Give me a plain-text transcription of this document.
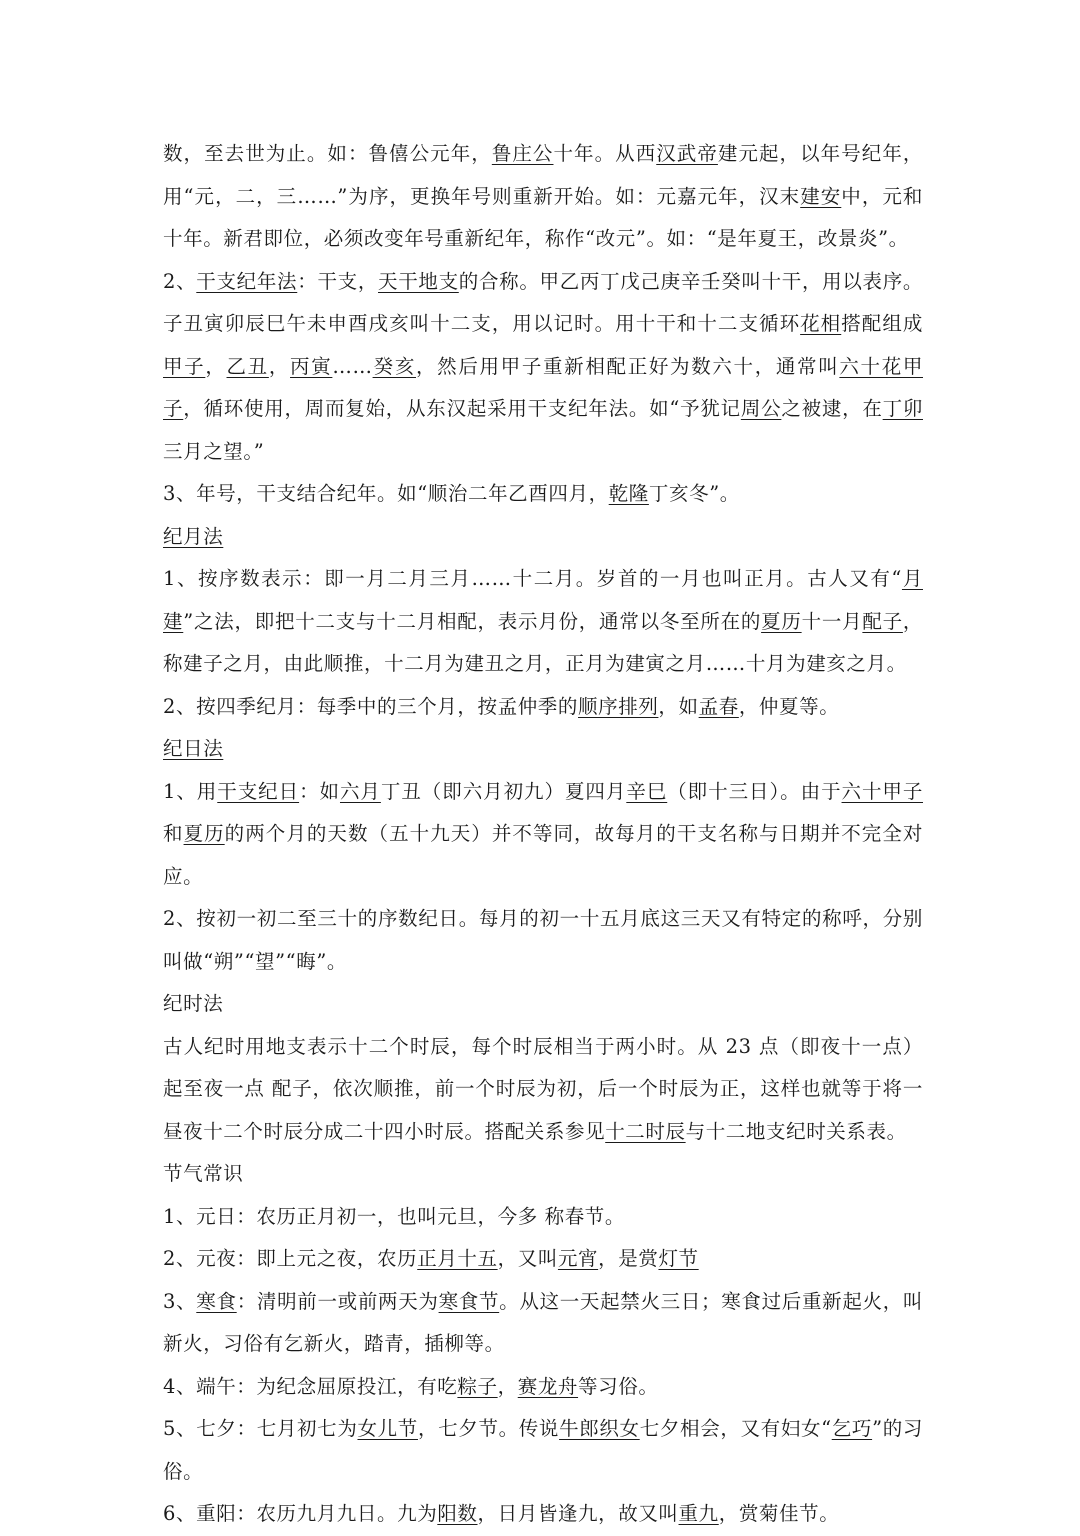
数，至去世为止。如：鲁僖公元年，鲁庄公十年。从西汉武帝建元起，以年号纪年，用“元，二，三……”为序，更换年号则重新开始。如：元嘉元年，汉末建安中，元和十年。新君即位，必须改变年号重新纪年，称作“改元”。如：“是年夏王，改景炎”。

2、干支纪年法：干支，天干地支的合称。甲乙丙丁戊己庚辛壬癸叫十干，用以表序。子丑寅卯辰巳午未申酉戌亥叫十二支，用以记时。用十干和十二支循环花相搭配组成甲子，乙丑，丙寅……癸亥，然后用甲子重新相配正好为数六十，通常叫六十花甲子，循环使用，周而复始，从东汉起采用干支纪年法。如“予犹记周公之被逮，在丁卯三月之望。”

3、年号，干支结合纪年。如“顺治二年乙酉四月，乾隆丁亥冬”。

纪月法

1、按序数表示：即一月二月三月……十二月。岁首的一月也叫正月。古人又有“月建”之法，即把十二支与十二月相配，表示月份，通常以冬至所在的夏历十一月配子，称建子之月，由此顺推，十二月为建丑之月，正月为建寅之月……十月为建亥之月。

2、按四季纪月：每季中的三个月，按孟仲季的顺序排列，如孟春，仲夏等。

纪日法

1、用干支纪日：如六月丁丑（即六月初九）夏四月辛巳（即十三日）。由于六十甲子和夏历的两个月的天数（五十九天）并不等同，故每月的干支名称与日期并不完全对应。

2、按初一初二至三十的序数纪日。每月的初一十五月底这三天又有特定的称呼，分别叫做“朔”“望”“晦”。

纪时法

古人纪时用地支表示十二个时辰，每个时辰相当于两小时。从 23 点（即夜十一点）起至夜一点 配子，依次顺推，前一个时辰为初，后一个时辰为正，这样也就等于将一昼夜十二个时辰分成二十四小时辰。搭配关系参见十二时辰与十二地支纪时关系表。

节气常识

1、元日：农历正月初一，也叫元旦，今多 称春节。

2、元夜：即上元之夜，农历正月十五，又叫元宵，是赏灯节

3、寒食：清明前一或前两天为寒食节。从这一天起禁火三日；寒食过后重新起火，叫新火，习俗有乞新火，踏青，插柳等。

4、端午：为纪念屈原投江，有吃粽子，赛龙舟等习俗。

5、七夕：七月初七为女儿节，七夕节。传说牛郎织女七夕相会，又有妇女“乞巧”的习俗。

6、重阳：农历九月九日。九为阳数，日月皆逢九，故又叫重九，赏菊佳节。
